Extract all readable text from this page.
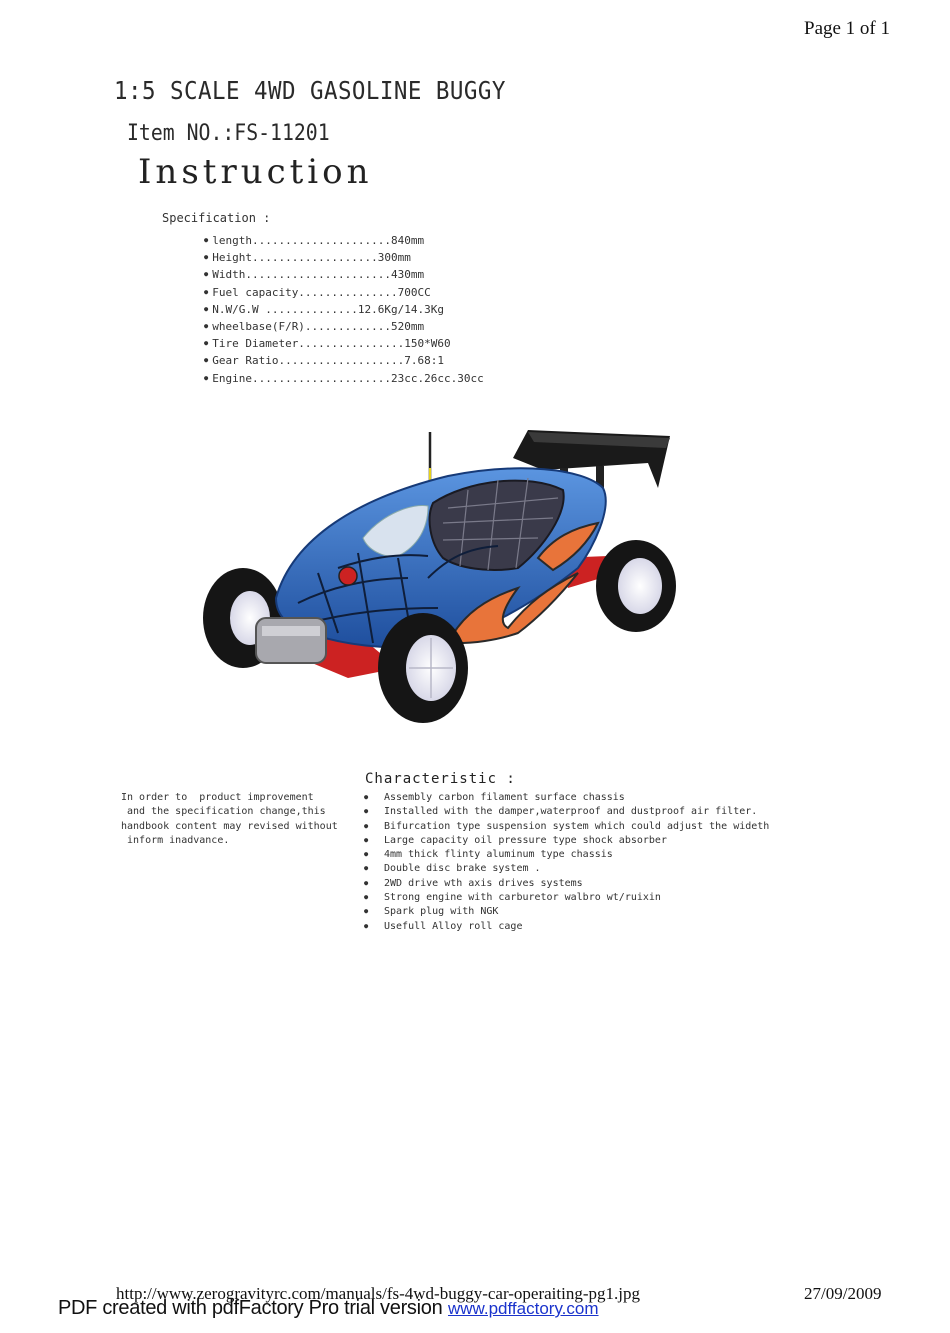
Page 1 of 1
1:5 SCALE 4WD GASOLINE BUGGY
Item NO.:FS-11201
Instruction
Specification :
● length.....................840mm
● Height...................300mm
● Width......................430mm
● Fuel capacity...............700CC
● N.W/G.W ..............12.6Kg/14.3Kg
● wheelbase(F/R).............520mm
● Tire Diameter................150*W60
● Gear Ratio...................7.68:1
● Engine.....................23cc.26cc.30cc
In order to  product improvement
and the specification change,this
handbook content may revised without
inform inadvance.
Characteristic :
● Assembly carbon filament surface chassis
● Installed with the damper,waterproof and dustproof air filter.
● Bifurcation type suspension system which could adjust the wideth
● Large capacity oil pressure type shock absorber
● 4mm thick flinty aluminum type chassis
● Double disc brake system .
● 2WD drive wth axis drives systems
● Strong engine with carburetor walbro wt/ruixin
● Spark plug with NGK
● Usefull Alloy roll cage
http://www.zerogravityrc.com/manuals/fs-4wd-buggy-car-operaiting-pg1.jpg	27/09/2009
PDF created with pdfFactory Pro trial version www.pdffactory.com
